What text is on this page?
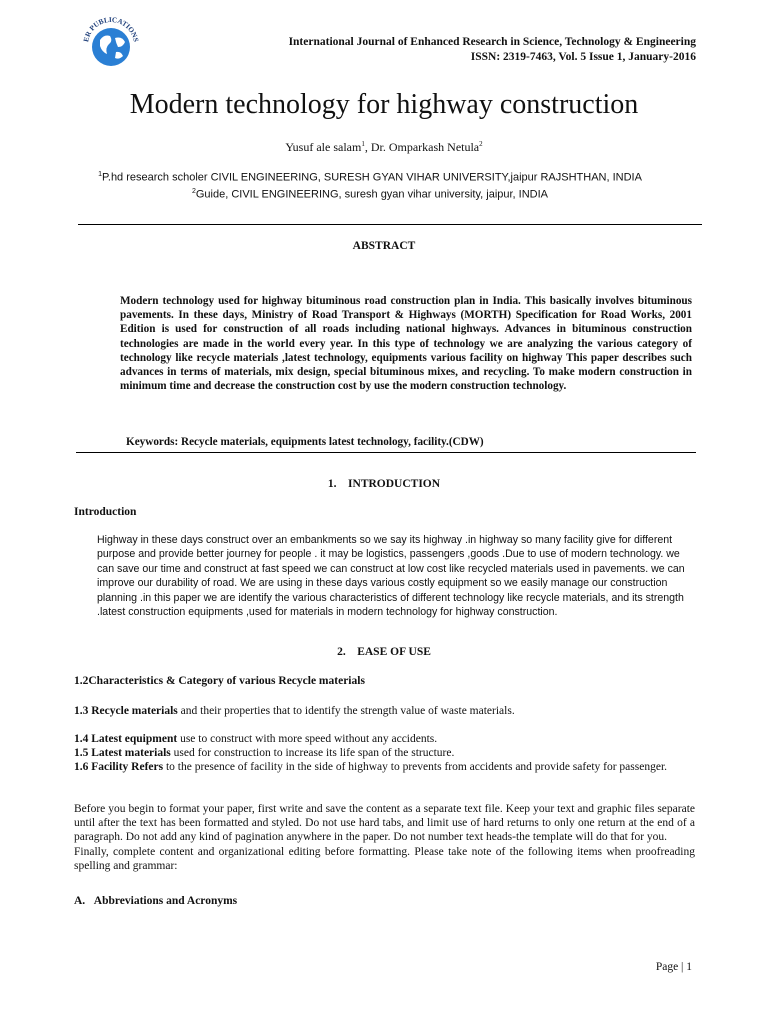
ER PUBLICATIONS	International Journal of Enhanced Research in Science, Technology & Engineering
ISSN: 2319-7463, Vol. 5 Issue 1, January-2016
Modern technology for highway construction
Yusuf ale salam$^1$, Dr. Omparkash Netula$^2$
$^1$P.hd research scholer CIVIL ENGINEERING, SURESH GYAN VIHAR UNIVERSITY,jaipur RAJSHTHAN, INDIA
$^2$Guide, CIVIL ENGINEERING, suresh gyan vihar university, jaipur, INDIA
ABSTRACT

Modern technology used for highway bituminous road construction plan in India. This basically involves bituminous pavements. In these days, Ministry of Road Transport & Highways (MORTH) Specification for Road Works, 2001 Edition is used for construction of all roads including national highways. Advances in bituminous construction technologies are made in the world every year. In this type of technology we are analyzing the various category of technology like recycle materials ,latest technology, equipments various facility on highway This paper describes such advances in terms of materials, mix design, special bituminous mixes, and recycling. To make modern construction in minimum time and decrease the construction cost by use the modern construction technology.

Keywords: Recycle materials, equipments latest technology, facility.(CDW)
1.    INTRODUCTION
Introduction

Highway in these days construct over an embankments so we say its highway .in highway so many facility give for different purpose and provide better journey for people . it may be logistics, passengers ,goods .Due to use of modern technology. we can save our time and construct at fast speed we can construct at low cost like recycled materials used in pavements. we can improve our durability of road. We are using in these days various costly equipment so we easily manage our construction planning .in this paper we are identify the various characteristics of different technology like recycle materials, and its strength .latest construction equipments ,used for materials in modern technology for highway construction.

2.    EASE OF USE
1.2Characteristics & Category of various Recycle materials
1.3 Recycle materials and their properties that to identify the strength value of waste materials.
1.4 Latest equipment use to construct with more speed without any accidents.
1.5 Latest materials used for construction to increase its life span of the structure.
1.6 Facility Refers to the presence of facility in the side of highway to prevents from accidents and provide safety for passenger.
Before you begin to format your paper, first write and save the content as a separate text file. Keep your text and graphic files separate until after the text has been formatted and styled. Do not use hard tabs, and limit use of hard returns to only one return at the end of a paragraph. Do not add any kind of pagination anywhere in the paper. Do not number text heads-the template will do that for you.
Finally, complete content and organizational editing before formatting. Please take note of the following items when proofreading spelling and grammar:
A.   Abbreviations and Acronyms
Page | 1
